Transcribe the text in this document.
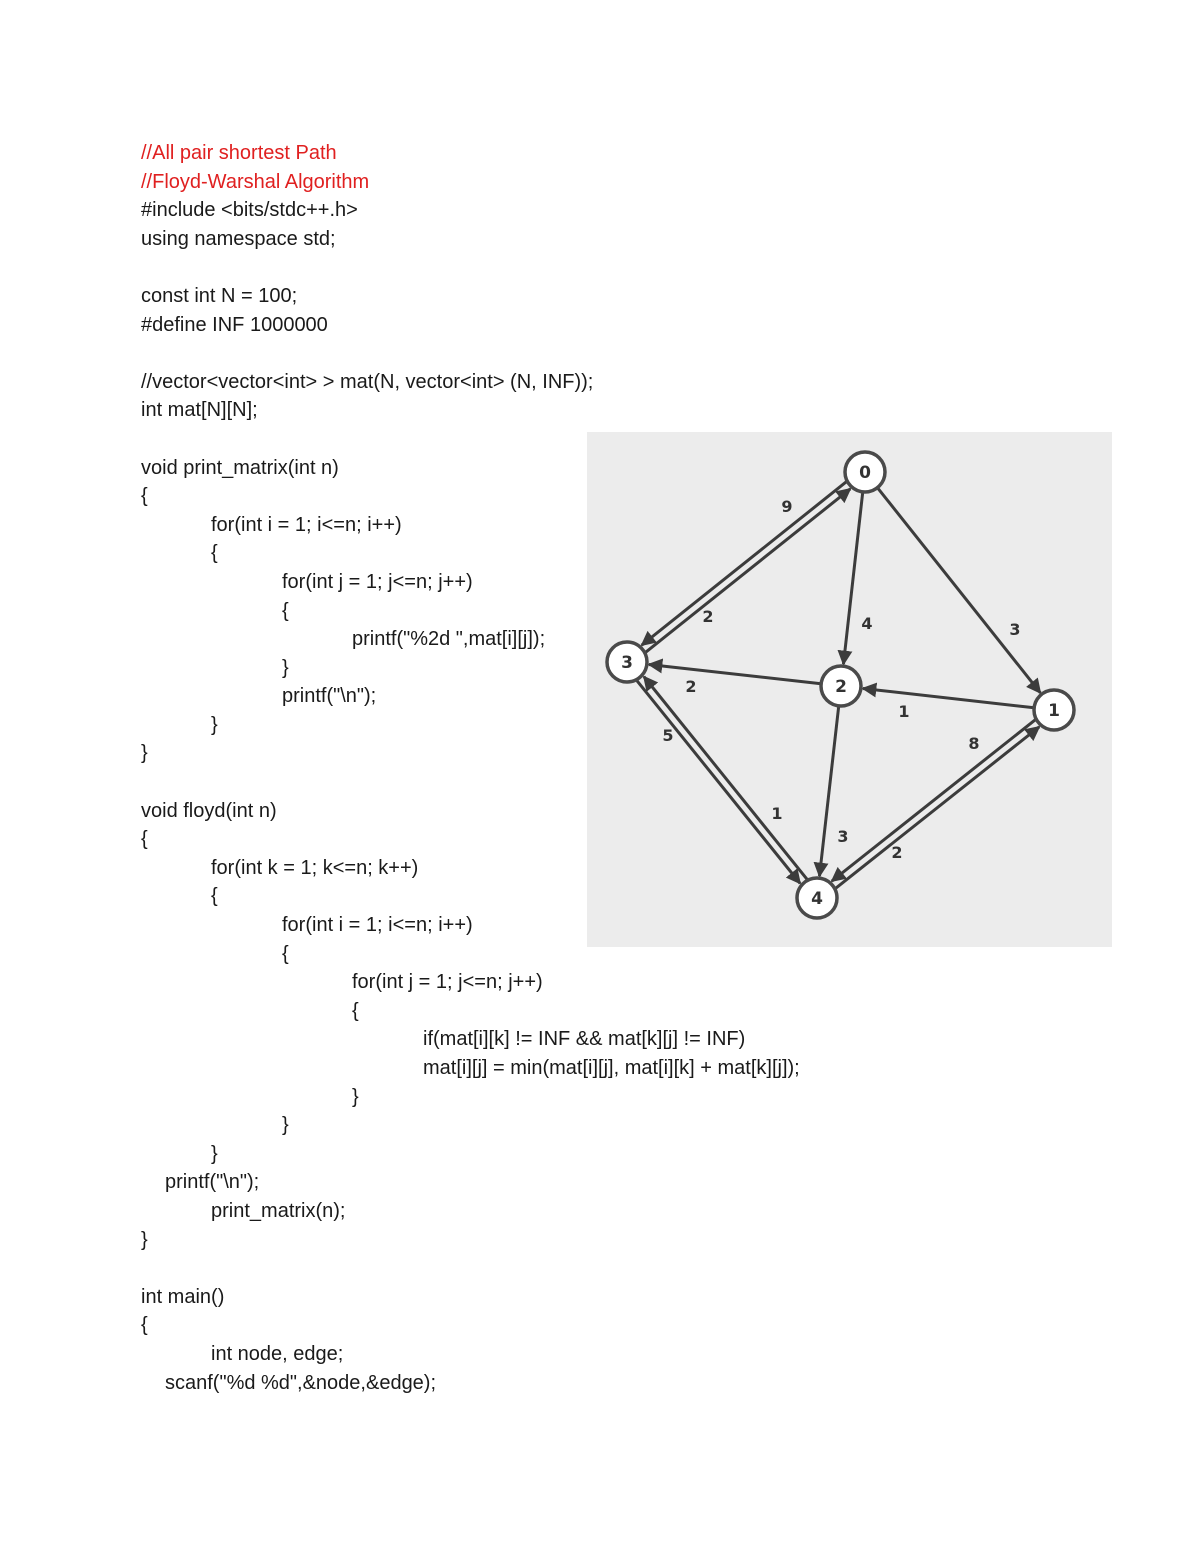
//All pair shortest Path
//Floyd-Warshal Algorithm
#include <bits/stdc++.h>
using namespace std;
const int N = 100;
#define INF 1000000
//vector<vector<int> > mat(N, vector<int> (N, INF));
int mat[N][N];
void print_matrix(int n)
{
for(int i = 1; i<=n; i++)
{
for(int j = 1; j<=n; j++)
{
printf("%2d ",mat[i][j]);
}
printf("\n");
}
}
void floyd(int n)
{
for(int k = 1; k<=n; k++)
{
for(int i = 1; i<=n; i++)
{
for(int j = 1; j<=n; j++)
{
if(mat[i][k] != INF && mat[k][j] != INF)
mat[i][j] = min(mat[i][j], mat[i][k] + mat[k][j]);
}
}
}
printf("\n");
print_matrix(n);
}
int main()
{
int node, edge;
scanf("%d %d",&node,&edge);
9
2	4	3
2
1
1
5
3
8
2
0
1
2
3
4
